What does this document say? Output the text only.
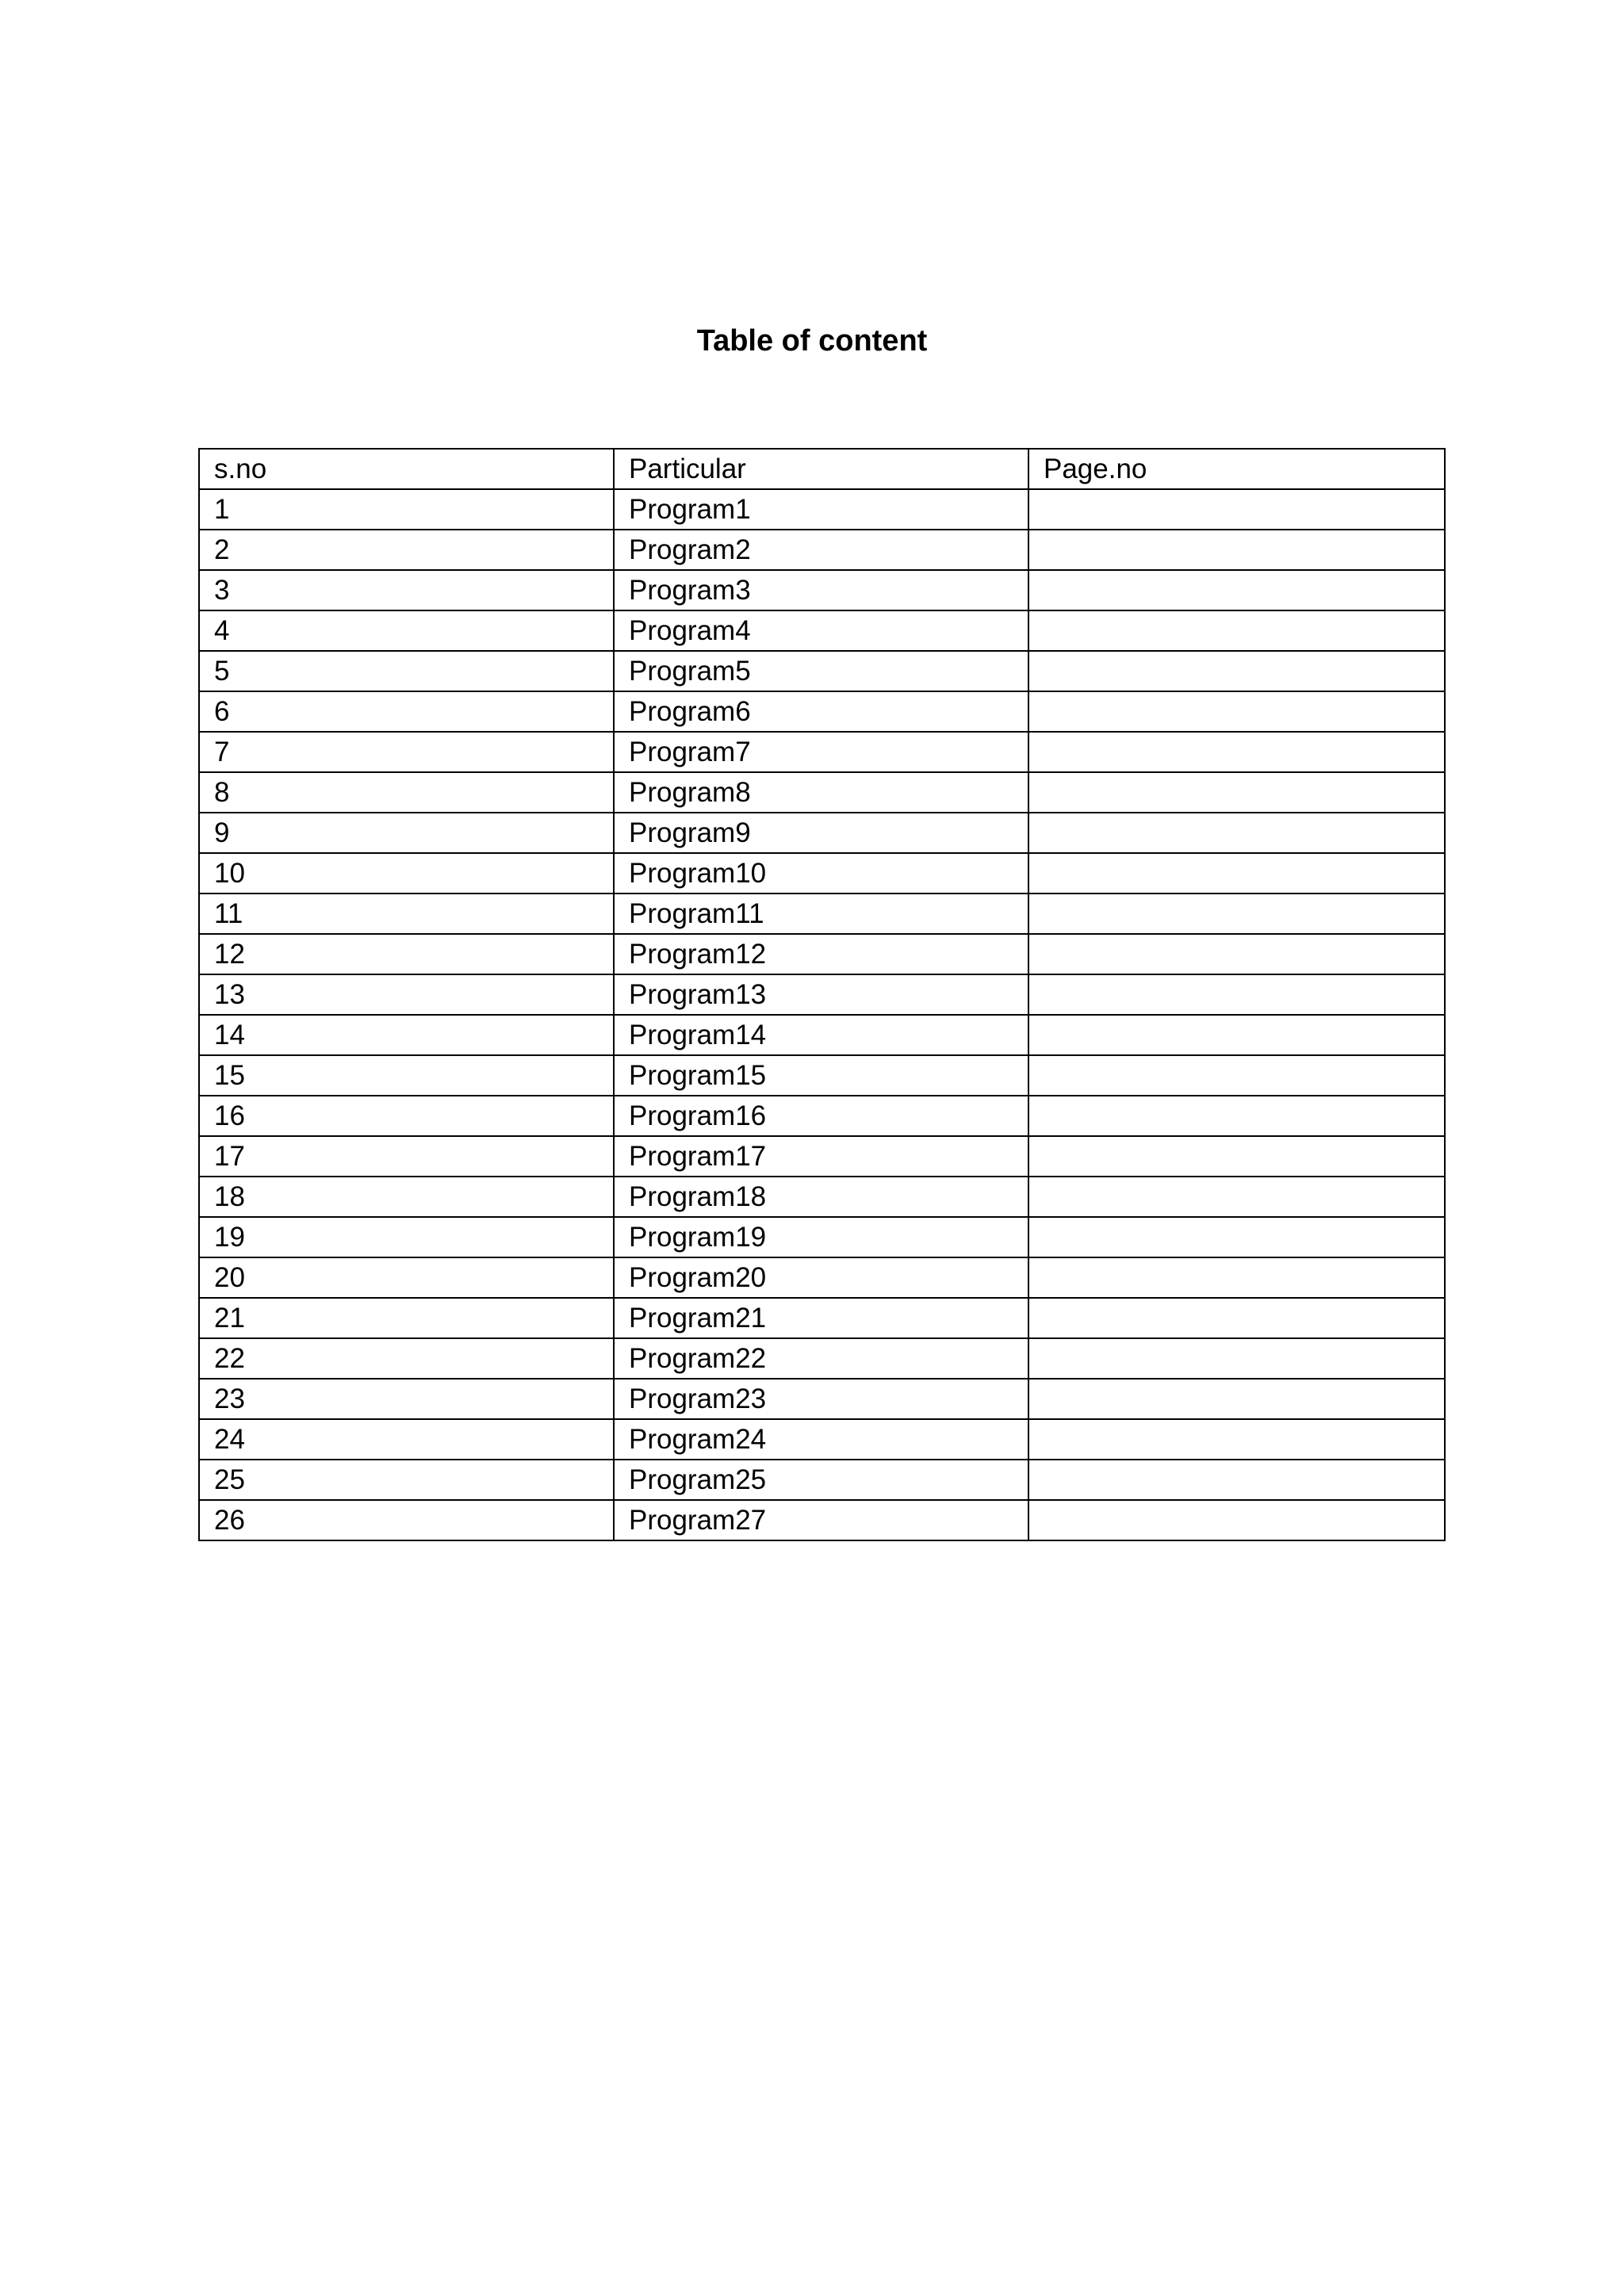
Table of content
s.no	Particular	Page.no
1	Program1	
2	Program2	
3	Program3	
4	Program4	
5	Program5	
6	Program6	
7	Program7	
8	Program8	
9	Program9	
10	Program10	
11	Program11	
12	Program12	
13	Program13	
14	Program14	
15	Program15	
16	Program16	
17	Program17	
18	Program18	
19	Program19	
20	Program20	
21	Program21	
22	Program22	
23	Program23	
24	Program24	
25	Program25	
26	Program27	
